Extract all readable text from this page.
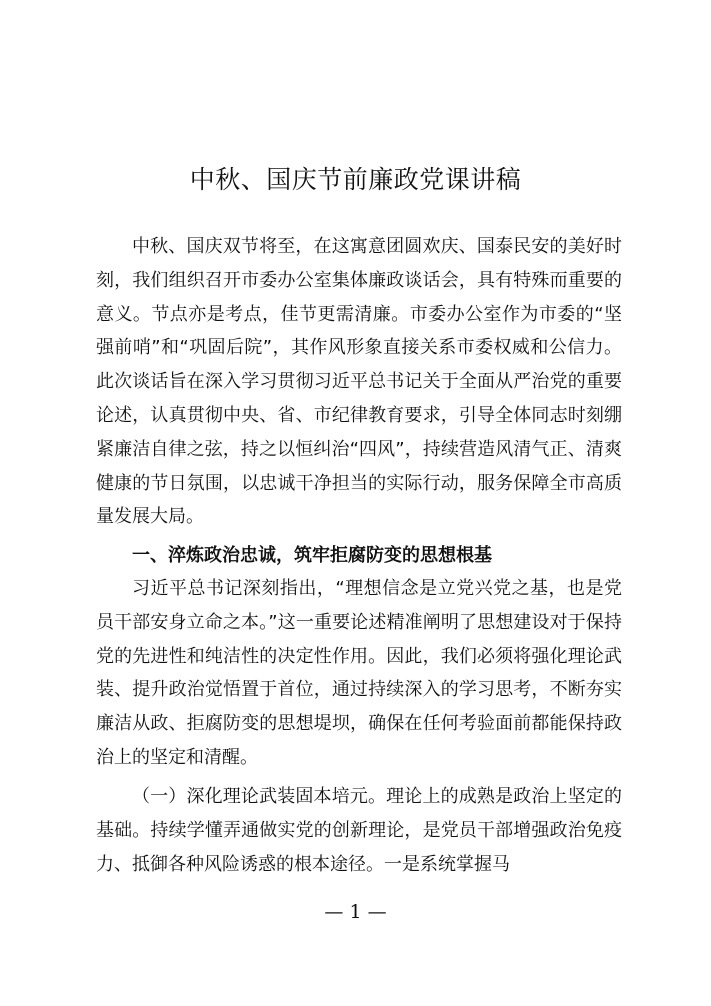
中秋、国庆节前廉政党课讲稿

中秋、国庆双节将至，在这寓意团圆欢庆、国泰民安的美好时刻，我们组织召开市委办公室集体廉政谈话会，具有特殊而重要的意义。节点亦是考点，佳节更需清廉。市委办公室作为市委的“坚强前哨”和“巩固后院”，其作风形象直接关系市委权威和公信力。此次谈话旨在深入学习贯彻习近平总书记关于全面从严治党的重要论述，认真贯彻中央、省、市纪律教育要求，引导全体同志时刻绷紧廉洁自律之弦，持之以恒纠治“四风”，持续营造风清气正、清爽健康的节日氛围，以忠诚干净担当的实际行动，服务保障全市高质量发展大局。

一、淬炼政治忠诚，筑牢拒腐防变的思想根基

习近平总书记深刻指出，“理想信念是立党兴党之基，也是党员干部安身立命之本。”这一重要论述精准阐明了思想建设对于保持党的先进性和纯洁性的决定性作用。因此，我们必须将强化理论武装、提升政治觉悟置于首位，通过持续深入的学习思考，不断夯实廉洁从政、拒腐防变的思想堤坝，确保在任何考验面前都能保持政治上的坚定和清醒。

（一）深化理论武装固本培元。理论上的成熟是政治上坚定的基础。持续学懂弄通做实党的创新理论，是党员干部增强政治免疫力、抵御各种风险诱惑的根本途径。一是系统掌握马

— 1 —
